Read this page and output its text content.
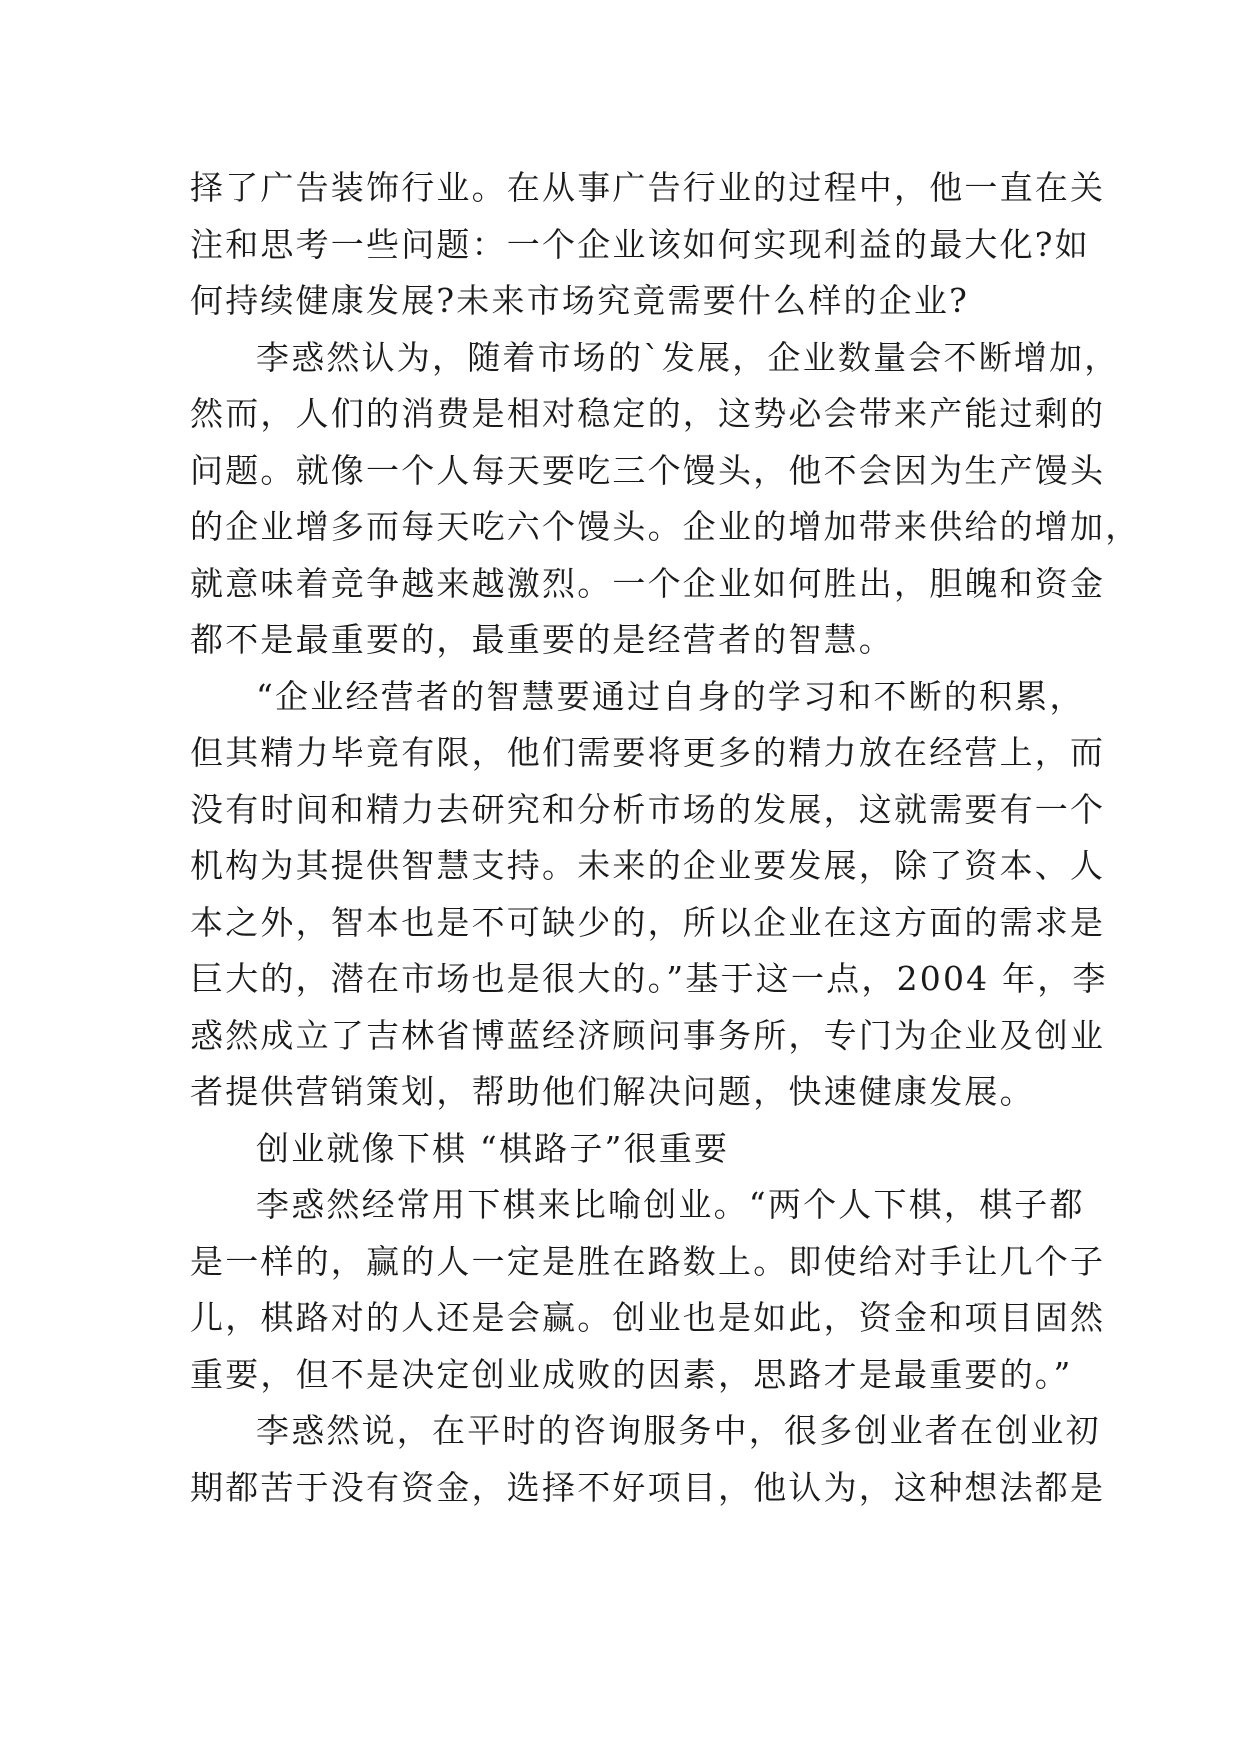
择了广告装饰行业。在从事广告行业的过程中，他一直在关
注和思考一些问题：一个企业该如何实现利益的最大化?如
何持续健康发展?未来市场究竟需要什么样的企业?
李惑然认为，随着市场的`发展，企业数量会不断增加，
然而，人们的消费是相对稳定的，这势必会带来产能过剩的
问题。就像一个人每天要吃三个馒头，他不会因为生产馒头
的企业增多而每天吃六个馒头。企业的增加带来供给的增加，
就意味着竞争越来越激烈。一个企业如何胜出，胆魄和资金
都不是最重要的，最重要的是经营者的智慧。
“企业经营者的智慧要通过自身的学习和不断的积累，
但其精力毕竟有限，他们需要将更多的精力放在经营上，而
没有时间和精力去研究和分析市场的发展，这就需要有一个
机构为其提供智慧支持。未来的企业要发展，除了资本、人
本之外，智本也是不可缺少的，所以企业在这方面的需求是
巨大的，潜在市场也是很大的。”基于这一点，2004 年，李
惑然成立了吉林省博蓝经济顾问事务所，专门为企业及创业
者提供营销策划，帮助他们解决问题，快速健康发展。
创业就像下棋 “棋路子”很重要
李惑然经常用下棋来比喻创业。“两个人下棋，棋子都
是一样的，赢的人一定是胜在路数上。即使给对手让几个子
儿，棋路对的人还是会赢。创业也是如此，资金和项目固然
重要，但不是决定创业成败的因素，思路才是最重要的。”
李惑然说，在平时的咨询服务中，很多创业者在创业初
期都苦于没有资金，选择不好项目，他认为，这种想法都是
